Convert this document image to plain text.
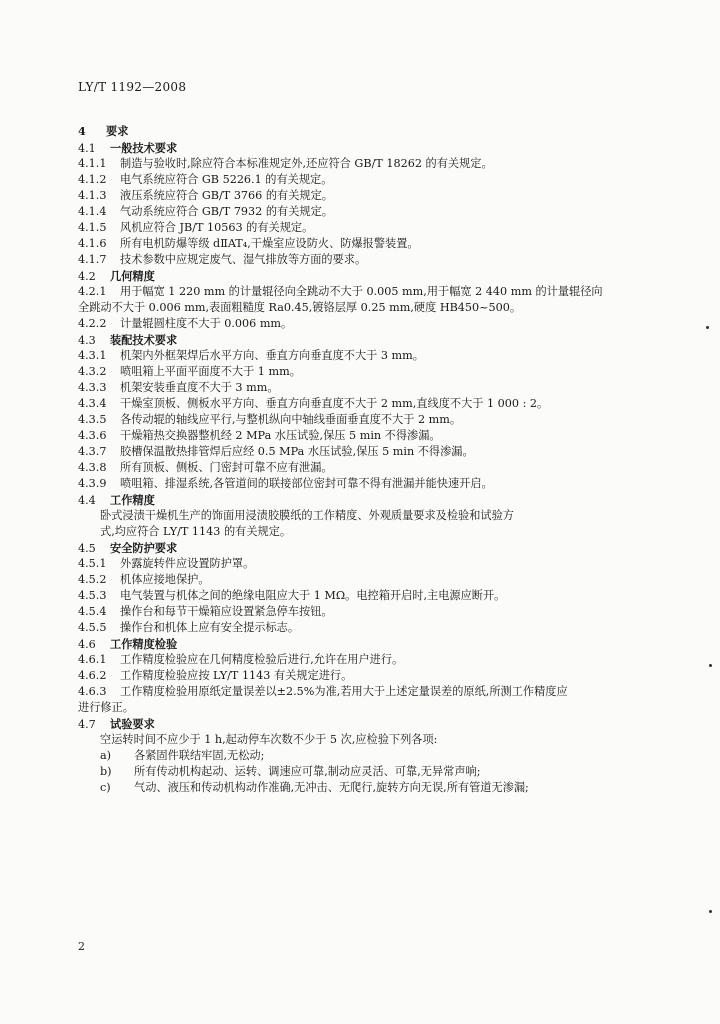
LY/T 1192—2008
4 要求
4.1 一般技术要求
4.1.1 制造与验收时,除应符合本标准规定外,还应符合 GB/T 18262 的有关规定。
4.1.2 电气系统应符合 GB 5226.1 的有关规定。
4.1.3 液压系统应符合 GB/T 3766 的有关规定。
4.1.4 气动系统应符合 GB/T 7932 的有关规定。
4.1.5 风机应符合 JB/T 10563 的有关规定。
4.1.6 所有电机防爆等级 dⅡAT₄,干燥室应设防火、防爆报警装置。
4.1.7 技术参数中应规定废气、湿气排放等方面的要求。
4.2 几何精度
4.2.1 用于幅宽 1 220 mm 的计量辊径向全跳动不大于 0.005 mm,用于幅宽 2 440 mm 的计量辊径向
全跳动不大于 0.006 mm,表面粗糙度 Ra0.45,镀铬层厚 0.25 mm,硬度 HB450~500。
4.2.2 计量辊圆柱度不大于 0.006 mm。
4.3 装配技术要求
4.3.1 机架内外框架焊后水平方向、垂直方向垂直度不大于 3 mm。
4.3.2 喷咀箱上平面平面度不大于 1 mm。
4.3.3 机架安装垂直度不大于 3 mm。
4.3.4 干燥室顶板、侧板水平方向、垂直方向垂直度不大于 2 mm,直线度不大于 1 000 : 2。
4.3.5 各传动辊的轴线应平行,与整机纵向中轴线垂面垂直度不大于 2 mm。
4.3.6 干燥箱热交换器整机经 2 MPa 水压试验,保压 5 min 不得渗漏。
4.3.7 胶槽保温散热排管焊后应经 0.5 MPa 水压试验,保压 5 min 不得渗漏。
4.3.8 所有顶板、侧板、门密封可靠不应有泄漏。
4.3.9 喷咀箱、排湿系统,各管道间的联接部位密封可靠不得有泄漏并能快速开启。
4.4 工作精度
卧式浸渍干燥机生产的饰面用浸渍胶膜纸的工作精度、外观质量要求及检验和试验方
式,均应符合 LY/T 1143 的有关规定。
4.5 安全防护要求
4.5.1 外露旋转件应设置防护罩。
4.5.2 机体应接地保护。
4.5.3 电气装置与机体之间的绝缘电阻应大于 1 MΩ。电控箱开启时,主电源应断开。
4.5.4 操作台和每节干燥箱应设置紧急停车按钮。
4.5.5 操作台和机体上应有安全提示标志。
4.6 工作精度检验
4.6.1 工作精度检验应在几何精度检验后进行,允许在用户进行。
4.6.2 工作精度检验应按 LY/T 1143 有关规定进行。
4.6.3 工作精度检验用原纸定量误差以±2.5%为准,若用大于上述定量误差的原纸,所测工作精度应
进行修正。
4.7 试验要求
空运转时间不应少于 1 h,起动停车次数不少于 5 次,应检验下列各项:
a) 各紧固件联结牢固,无松动;
b) 所有传动机构起动、运转、调速应可靠,制动应灵活、可靠,无异常声响;
c) 气动、液压和传动机构动作准确,无冲击、无爬行,旋转方向无误,所有管道无渗漏;
2
